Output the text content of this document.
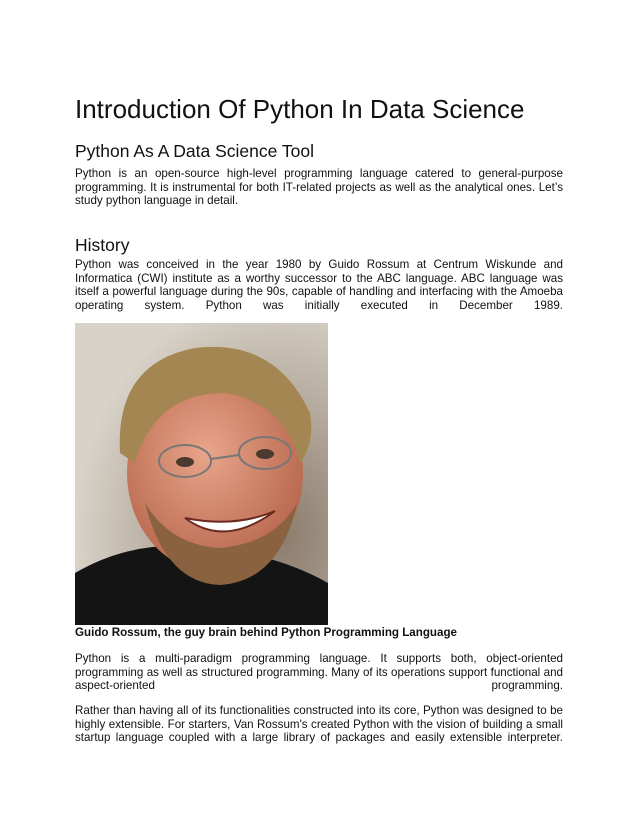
Introduction Of Python In Data Science
Python As A Data Science Tool
Python is an open-source high-level programming language catered to general-purpose
programming. It is instrumental for both IT-related projects as well as the analytical ones. Let’s
study python language in detail.
History
Python was conceived in the year 1980 by Guido Rossum at Centrum Wiskunde and
Informatica (CWI) institute as a worthy successor to the ABC language. ABC language was
itself a powerful language during the 90s, capable of handling and interfacing with the Amoeba
operating system. Python was initially executed in December 1989.
Guido Rossum, the guy brain behind Python Programming Language
Python is a multi-paradigm programming language. It supports both, object-oriented
programming as well as structured programming. Many of its operations support functional and
aspect-oriented programming.
Rather than having all of its functionalities constructed into its core, Python was designed to be
highly extensible. For starters, Van Rossum's created Python with the vision of building a small
startup language coupled with a large library of packages and easily extensible interpreter.
